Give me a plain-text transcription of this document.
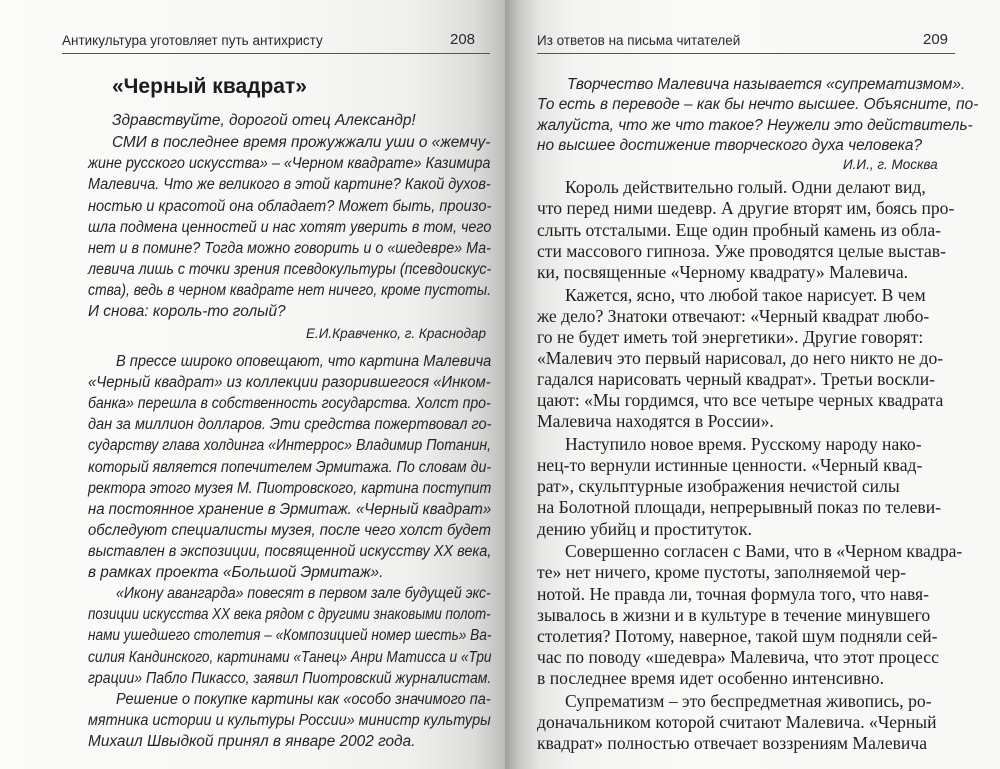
Антикультура уготовляет путь антихристу	208
«Черный квадрат»
Здравствуйте, дорогой отец Александр!
СМИ в последнее время прожужжали уши о «жемчу-
жине русского искусства» – «Черном квадрате» Казимира
Малевича. Что же великого в этой картине? Какой духов-
ностью и красотой она обладает? Может быть, произо-
шла подмена ценностей и нас хотят уверить в том, чего
нет и в помине? Тогда можно говорить и о «шедевре» Ма-
левича лишь с точки зрения псевдокультуры (псевдоискус-
ства), ведь в черном квадрате нет ничего, кроме пустоты.
И снова: король-то голый?
Е.И.Кравченко, г. Краснодар
В прессе широко оповещают, что картина Малевича
«Черный квадрат» из коллекции разорившегося «Инком-
банка» перешла в собственность государства. Холст про-
дан за миллион долларов. Эти средства пожертвовал го-
сударству глава холдинга «Интеррос» Владимир Потанин,
который является попечителем Эрмитажа. По словам ди-
ректора этого музея М. Пиотровского, картина поступит
на постоянное хранение в Эрмитаж. «Черный квадрат»
обследуют специалисты музея, после чего холст будет
выставлен в экспозиции, посвященной искусству XX века,
в рамках проекта «Большой Эрмитаж».
«Икону авангарда» повесят в первом зале будущей экс-
позиции искусства XX века рядом с другими знаковыми полот-
нами ушедшего столетия – «Композицией номер шесть» Ва-
силия Кандинского, картинами «Танец» Анри Матисса и «Три
грации» Пабло Пикассо, заявил Пиотровский журналистам.
Решение о покупке картины как «особо значимого па-
мятника истории и культуры России» министр культуры
Михаил Швыдкой принял в январе 2002 года.
Из ответов на письма читателей	209
Творчество Малевича называется «супрематизмом».
То есть в переводе – как бы нечто высшее. Объясните, по-
жалуйста, что же что такое? Неужели это действитель-
но высшее достижение творческого духа человека?
И.И., г. Москва
Король действительно голый. Одни делают вид,
что перед ними шедевр. А другие вторят им, боясь про-
слыть отсталыми. Еще один пробный камень из обла-
сти массового гипноза. Уже проводятся целые выстав-
ки, посвященные «Черному квадрату» Малевича.
Кажется, ясно, что любой такое нарисует. В чем
же дело? Знатоки отвечают: «Черный квадрат любо-
го не будет иметь той энергетики». Другие говорят:
«Малевич это первый нарисовал, до него никто не до-
гадался нарисовать черный квадрат». Третьи воскли-
цают: «Мы гордимся, что все четыре черных квадрата
Малевича находятся в России».
Наступило новое время. Русскому народу нако-
нец-то вернули истинные ценности. «Черный квад-
рат», скульптурные изображения нечистой силы
на Болотной площади, непрерывный показ по телеви-
дению убийц и проституток.
Совершенно согласен с Вами, что в «Черном квадра-
те» нет ничего, кроме пустоты, заполняемой чер-
нотой. Не правда ли, точная формула того, что навя-
зывалось в жизни и в культуре в течение минувшего
столетия? Потому, наверное, такой шум подняли сей-
час по поводу «шедевра» Малевича, что этот процесс
в последнее время идет особенно интенсивно.
Супрематизм – это беспредметная живопись, ро-
доначальником которой считают Малевича. «Черный
квадрат» полностью отвечает воззрениям Малевича
